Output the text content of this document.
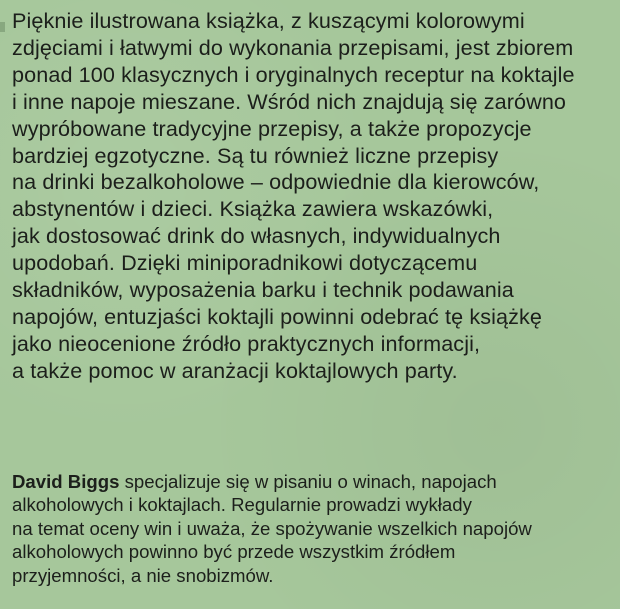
Pięknie ilustrowana książka, z kuszącymi kolorowymi
zdjęciami i łatwymi do wykonania przepisami, jest zbiorem
ponad 100 klasycznych i oryginalnych receptur na koktajle
i inne napoje mieszane. Wśród nich znajdują się zarówno
wypróbowane tradycyjne przepisy, a także propozycje
bardziej egzotyczne. Są tu również liczne przepisy
na drinki bezalkoholowe – odpowiednie dla kierowców,
abstynentów i dzieci. Książka zawiera wskazówki,
jak dostosować drink do własnych, indywidualnych
upodobań. Dzięki miniporadnikowi dotyczącemu
składników, wyposażenia barku i technik podawania
napojów, entuzjaści koktajli powinni odebrać tę książkę
jako nieocenione źródło praktycznych informacji,
a także pomoc w aranżacji koktajlowych party.

David Biggs specjalizuje się w pisaniu o winach, napojach
alkoholowych i koktajlach. Regularnie prowadzi wykłady
na temat oceny win i uważa, że spożywanie wszelkich napojów
alkoholowych powinno być przede wszystkim źródłem
przyjemności, a nie snobizmów.
